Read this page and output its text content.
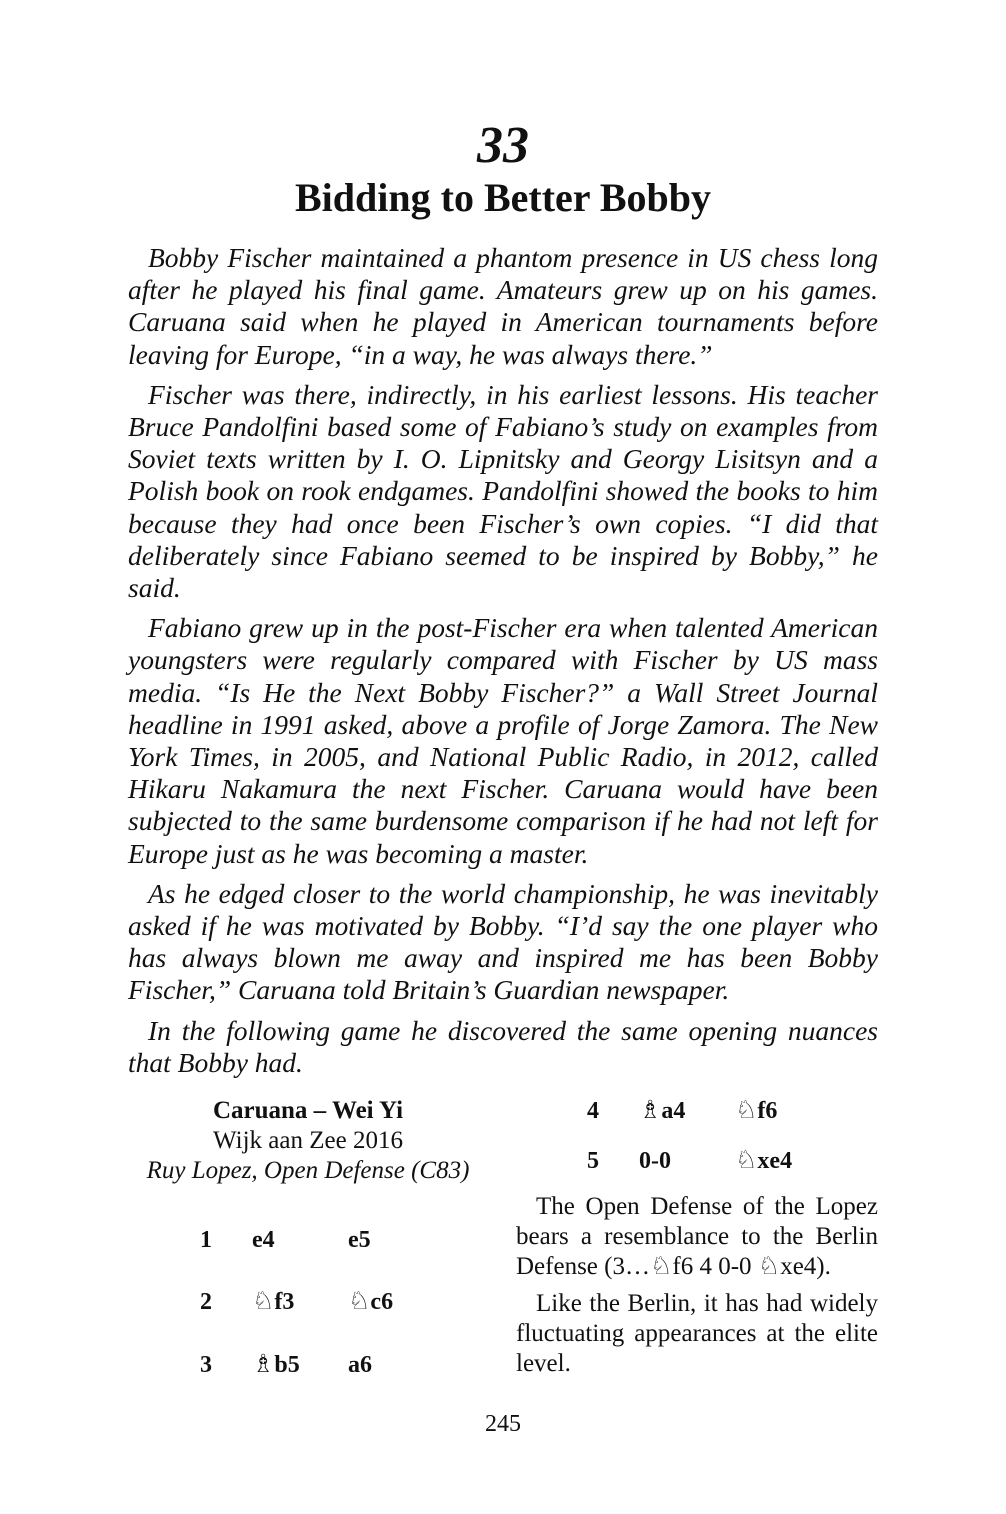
33
Bidding to Better Bobby

Bobby Fischer maintained a phantom presence in US chess long after he played his final game. Amateurs grew up on his games. Caruana said when he played in American tournaments before leaving for Europe, “in a way, he was always there.”

Fischer was there, indirectly, in his earliest lessons. His teacher Bruce Pandolfini based some of Fabiano’s study on examples from Soviet texts written by I. O. Lipnitsky and Georgy Lisitsyn and a Polish book on rook endgames. Pandolfini showed the books to him because they had once been Fischer’s own copies. “I did that deliberately since Fabiano seemed to be inspired by Bobby,” he said.

Fabiano grew up in the post-Fischer era when talented American youngsters were regularly compared with Fischer by US mass media. “Is He the Next Bobby Fischer?” a Wall Street Journal headline in 1991 asked, above a profile of Jorge Zamora. The New York Times, in 2005, and National Public Radio, in 2012, called Hikaru Nakamura the next Fischer. Caruana would have been subjected to the same burdensome comparison if he had not left for Europe just as he was becoming a master.

As he edged closer to the world championship, he was inevitably asked if he was motivated by Bobby. “I’d say the one player who has always blown me away and inspired me has been Bobby Fischer,” Caruana told Britain’s Guardian newspaper.

In the following game he discovered the same opening nuances that Bobby had.

Caruana – Wei Yi
Wijk aan Zee 2016
Ruy Lopez, Open Defense (C83)
1	e4	e5
2	♘f3	♘c6
3	♗b5	a6
4	♗a4	♘f6
5	0-0	♘xe4

The Open Defense of the Lopez bears a resemblance to the Berlin Defense (3…♘f6 4 0-0 ♘xe4).

Like the Berlin, it has had widely fluctuating appearances at the elite level.

245
